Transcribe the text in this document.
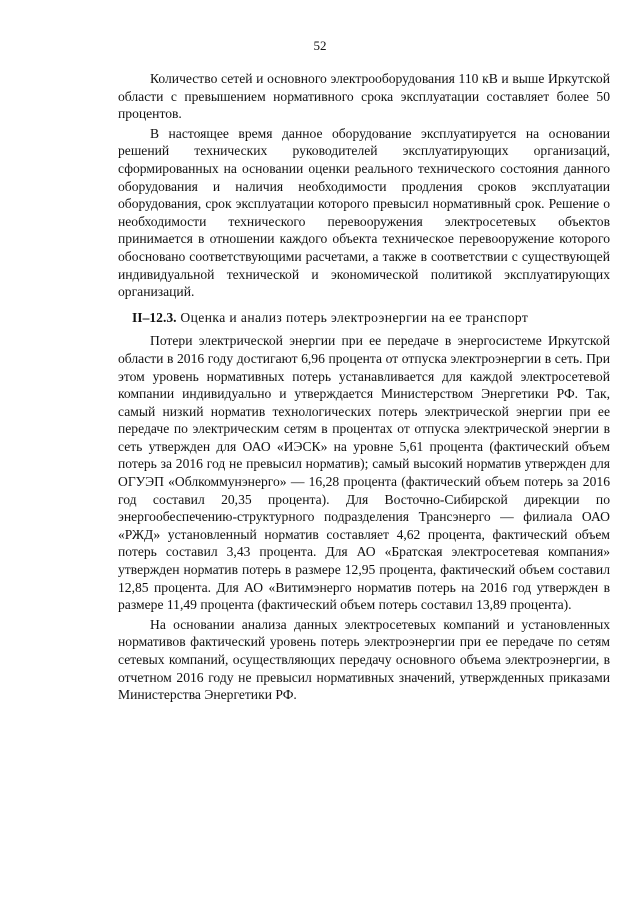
52

Количество сетей и основного электрооборудования 110 кВ и выше Иркутской области с превышением нормативного срока эксплуатации составляет более 50 процентов.

В настоящее время данное оборудование эксплуатируется на основании решений технических руководителей эксплуатирующих организаций, сформированных на основании оценки реального технического состояния данного оборудования и наличия необходимости продления сроков эксплуатации оборудования, срок эксплуатации которого превысил нормативный срок. Решение о необходимости технического перевооружения электросетевых объектов принимается в отношении каждого объекта техническое перевооружение которого обосновано соответствующими расчетами, а также в соответствии с существующей индивидуальной технической и экономической политикой эксплуатирующих организаций.

II–12.3. Оценка и анализ потерь электроэнергии на ее транспорт

Потери электрической энергии при ее передаче в энергосистеме Иркутской области в 2016 году достигают 6,96 процента от отпуска электроэнергии в сеть. При этом уровень нормативных потерь устанавливается для каждой электросетевой компании индивидуально и утверждается Министерством Энергетики РФ. Так, самый низкий норматив технологических потерь электрической энергии при ее передаче по электрическим сетям в процентах от отпуска электрической энергии в сеть утвержден для ОАО «ИЭСК» на уровне 5,61 процента (фактический объем потерь за 2016 год не превысил норматив); самый высокий норматив утвержден для ОГУЭП «Облкоммунэнерго» — 16,28 процента (фактический объем потерь за 2016 год составил 20,35 процента). Для Восточно-Сибирской дирекции по энергообеспечению-структурного подразделения Трансэнерго — филиала ОАО «РЖД» установленный норматив составляет 4,62 процента, фактический объем потерь составил 3,43 процента. Для АО «Братская электросетевая компания» утвержден норматив потерь в размере 12,95 процента, фактический объем составил 12,85 процента. Для АО «Витимэнерго норматив потерь на 2016 год утвержден в размере 11,49 процента (фактический объем потерь составил 13,89 процента).

На основании анализа данных электросетевых компаний и установленных нормативов фактический уровень потерь электроэнергии при ее передаче по сетям сетевых компаний, осуществляющих передачу основного объема электроэнергии, в отчетном 2016 году не превысил нормативных значений, утвержденных приказами Министерства Энергетики РФ.
